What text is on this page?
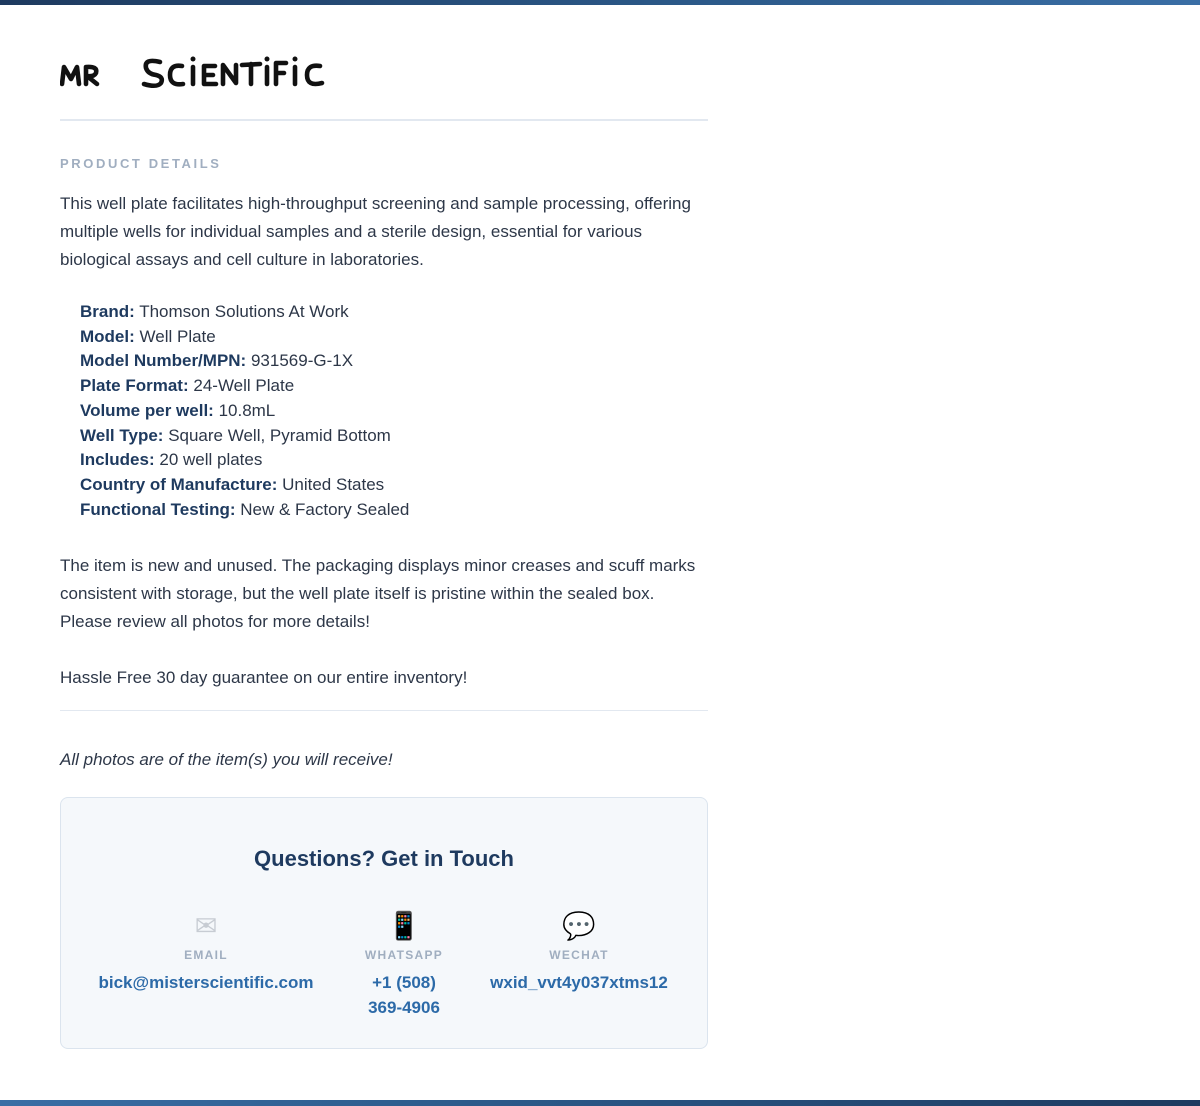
PRODUCT DETAILS

This well plate facilitates high-throughput screening and sample processing, offering multiple wells for individual samples and a sterile design, essential for various biological assays and cell culture in laboratories.

Brand: Thomson Solutions At Work
Model: Well Plate
Model Number/MPN: 931569-G-1X
Plate Format: 24-Well Plate
Volume per well: 10.8mL
Well Type: Square Well, Pyramid Bottom
Includes: 20 well plates
Country of Manufacture: United States
Functional Testing: New & Factory Sealed

The item is new and unused. The packaging displays minor creases and scuff marks consistent with storage, but the well plate itself is pristine within the sealed box. Please review all photos for more details!

Hassle Free 30 day guarantee on our entire inventory!

All photos are of the item(s) you will receive!
Questions? Get in Touch
✉
EMAIL
bick@misterscientific.com
📱
WHATSAPP
+1 (508) 369-4906
💬
WECHAT
wxid_vvt4y037xtms12
